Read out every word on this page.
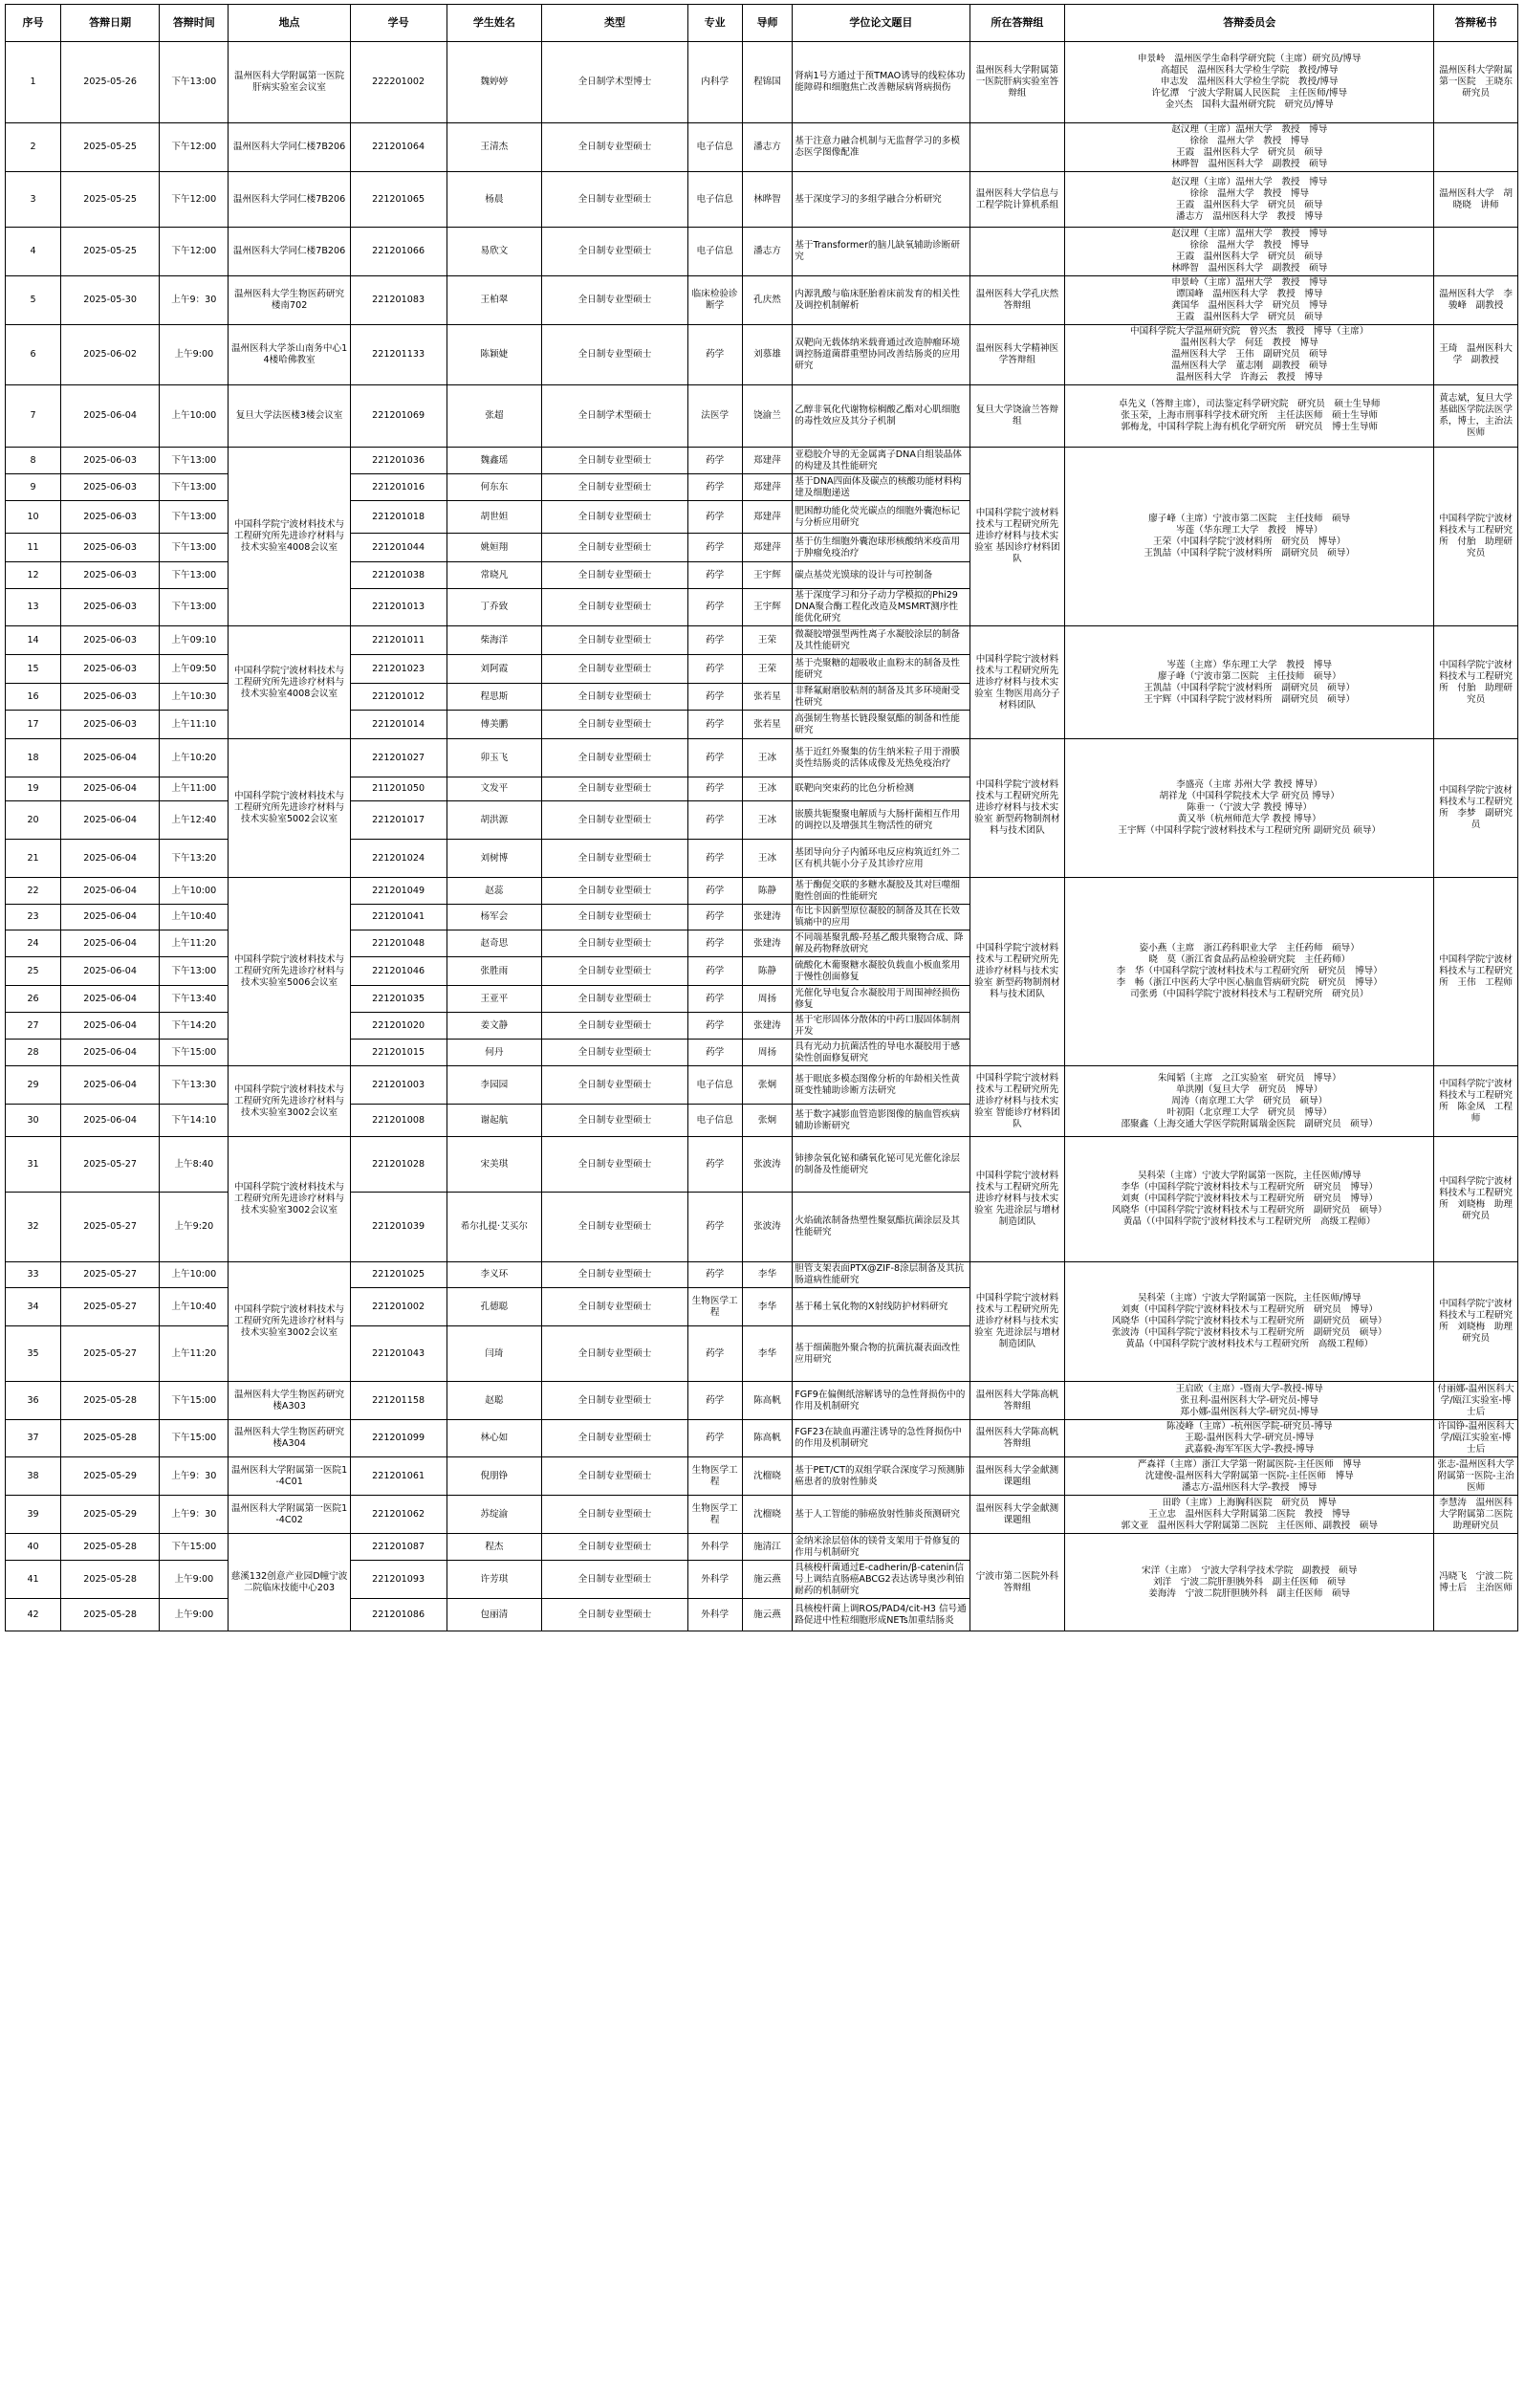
序号	答辩日期	答辩时间	地点	学号	学生姓名	类型	专业	导师	学位论文题目	所在答辩组	答辩委员会	答辩秘书
1	2025-05-26	下午13:00	温州医科大学附属第一医院　肝病实验室会议室	222201002	魏婷婷	全日制学术型博士	内科学	程锦国	肾病1号方通过于预TMAO诱导的线粒体功能障碍和细胞焦亡改善糖尿病肾病损伤	温州医科大学附属第一医院肝病实验室答辩组	申景岭　温州医学生命科学研究院（主席）研究员/博导
高超民　温州医科大学检生学院　教授/博导
申志发　温州医科大学检生学院　教授/博导
许忆潭　宁波大学附属人民医院　主任医师/博导
金兴杰　国科大温州研究院　研究员/博导	温州医科大学附属第一医院　王晓东　研究员
2	2025-05-25	下午12:00	温州医科大学同仁楼7B206	221201064	王清杰	全日制专业型硕士	电子信息	潘志方	基于注意力融合机制与无监督学习的多模态医学图像配准		赵汉理（主席）温州大学　教授　博导
徐徐　温州大学　教授　博导
王霞　温州医科大学　研究员　硕导
林晔智　温州医科大学　副教授　硕导	
3	2025-05-25	下午12:00	温州医科大学同仁楼7B206	221201065	杨晨	全日制专业型硕士	电子信息	林晔智	基于深度学习的多组学融合分析研究	温州医科大学信息与工程学院计算机系组	赵汉理（主席）温州大学　教授　博导
徐徐　温州大学　教授　博导
王霞　温州医科大学　研究员　硕导
潘志方　温州医科大学　教授　博导	温州医科大学　胡晓晓　讲师
4	2025-05-25	下午12:00	温州医科大学同仁楼7B206	221201066	易欣文	全日制专业型硕士	电子信息	潘志方	基于Transformer的脑儿缺氧辅助诊断研究		赵汉理（主席）温州大学　教授　博导
徐徐　温州大学　教授　博导
王霞　温州医科大学　研究员　硕导
林晔智　温州医科大学　副教授　硕导	
5	2025-05-30	上午9：30	温州医科大学生物医药研究楼南702	221201083	王柏翠	全日制专业型硕士	临床检验诊断学	孔庆然	内源乳酸与临床胚胎着床前发育的相关性及调控机制解析	温州医科大学孔庆然答辩组	申景岭（主席）温州大学　教授　博导
谭国峰　温州医科大学　教授　博导
龚国华　温州医科大学　研究员　博导
王霞　温州医科大学　研究员　硕导	温州医科大学　李骏峰　副教授
6	2025-06-02	上午9:00	温州医科大学茶山南务中心14楼哈佛教室	221201133	陈颖婕	全日制专业型硕士	药学	刘慕雄	双靶向无载体纳米载膏通过改造肿瘤环境调控肠道菌群重塑协同改善结肠炎的应用研究	温州医科大学精神医学答辩组	中国科学院大学温州研究院　曾兴杰　教授　博导（主席）
温州医科大学　何廷　教授　博导
温州医科大学　王伟　副研究员　硕导
温州医科大学　董志刚　副教授　硕导
温州医科大学　许海云　教授　博导	王琦　温州医科大学　副教授
7	2025-06-04	上午10:00	复旦大学法医楼3楼会议室	221201069	张超	全日制学术型硕士	法医学	饶渝兰	乙醇非氧化代谢物棕榈酸乙酯对心肌细胞的毒性效应及其分子机制	复旦大学饶渝兰答辩组	卓先义（答辩主席），司法鉴定科学研究院　研究员　硕士生导师
张玉荣，上海市刑事科学技术研究所　主任法医师　硕士生导师
郭梅龙，中国科学院上海有机化学研究所　研究员　博士生导师	黄志斌，复旦大学基础医学院法医学系，博士，主治法医师
8	2025-06-03	下午13:00	中国科学院宁波材料技术与工程研究所先进诊疗材料与技术实验室4008会议室	221201036	魏鑫瑶	全日制专业型硕士	药学	郑建萍	亚稳胶介导的无金属离子DNA自组装晶体的构建及其性能研究	中国科学院宁波材料技术与工程研究所先进诊疗材料与技术实验室 基因诊疗材料团队	廖子峰（主席）宁波市第二医院　主任技师　硕导
岑莲（华东理工大学　教授　博导）
王荣（中国科学院宁波材料所　研究员　博导）
王凯喆（中国科学院宁波材料所　副研究员　硕导）	中国科学院宁波材料技术与工程研究所　付胎　助理研究员
9	2025-06-03	下午13:00		221201016	何东东	全日制专业型硕士	药学	郑建萍	基于DNA四面体及碳点的核酸功能材料构建及细胞递送			
10	2025-06-03	下午13:00		221201018	胡世妲	全日制专业型硕士	药学	郑建萍	肥困醇功能化荧光碳点的细胞外囊泡标记与分析应用研究			
11	2025-06-03	下午13:00		221201044	姚姮翔	全日制专业型硕士	药学	郑建萍	基于仿生细胞外囊泡球形核酸纳米疫苗用于肿瘤免疫治疗			
12	2025-06-03	下午13:00		221201038	常晓凡	全日制专业型硕士	药学	王宇辉	碳点基荧光馍球的设计与可控制备			
13	2025-06-03	下午13:00		221201013	丁乔致	全日制专业型硕士	药学	王宇辉	基于深度学习和分子动力学模拟的Phi29 DNA聚合酶工程化改造及MSMRT测序性能优化研究			
14	2025-06-03	上午09:10	中国科学院宁波材料技术与工程研究所先进诊疗材料与技术实验室4008会议室	221201011	柴海洋	全日制专业型硕士	药学	王荣	微凝胶增强型两性离子水凝胶涂层的制备及其性能研究	中国科学院宁波材料技术与工程研究所先进诊疗材料与技术实验室 生物医用高分子材料团队	岑莲（主席）华东理工大学　教授　博导
廖子峰（宁波市第二医院　主任技师　硕导）
王凯喆（中国科学院宁波材料所　副研究员　硕导）
王宇辉（中国科学院宁波材料所　副研究员　硕导）	中国科学院宁波材料技术与工程研究所　付胎　助理研究员
15	2025-06-03	上午09:50		221201023	刘阿霞	全日制专业型硕士	药学	王荣	基于壳聚糖的超吸收止血粉末的制备及性能研究			
16	2025-06-03	上午10:30		221201012	程思斯	全日制专业型硕士	药学	张若星	非释氟耐磨胶粘剂的制备及其多环境耐受性研究			
17	2025-06-03	上午11:10		221201014	傅美鹏	全日制专业型硕士	药学	张若星	高强韧生物基长链段聚氨酯的制备和性能研究			
18	2025-06-04	上午10:20	中国科学院宁波材料技术与工程研究所先进诊疗材料与技术实验室5002会议室	221201027	卯玉飞	全日制专业型硕士	药学	王冰	基于近红外聚集的仿生纳米粒子用于滑膜炎性结肠炎的活体成像及光热免疫治疗	中国科学院宁波材料技术与工程研究所先进诊疗材料与技术实验室 新型药物制剂材料与技术团队	李盛亮（主席 苏州大学 教授 博导）
胡祥龙（中国科学院技术大学 研究员 博导）
陈垂一（宁波大学 教授 博导）
黄又举（杭州师范大学 教授 博导）
王宇辉（中国科学院宁波材料技术与工程研究所 副研究员 硕导）	中国科学院宁波材料技术与工程研究所　李梦　副研究员
19	2025-06-04	上午11:00		211201050	文发平	全日制专业型硕士	药学	王冰	联靶向突束药的比色分析检测			
20	2025-06-04	上午12:40		221201017	胡洪源	全日制专业型硕士	药学	王冰	嵌膜共轭聚聚电解质与大肠杆菌相互作用的调控以及增强其生物活性的研究			
21	2025-06-04	下午13:20		221201024	刘树博	全日制专业型硕士	药学	王冰	基团导向分子内循环电反应构筑近红外二区有机共轭小分子及其诊疗应用			
22	2025-06-04	上午10:00	中国科学院宁波材料技术与工程研究所先进诊疗材料与技术实验室5006会议室	221201049	赵蕊	全日制专业型硕士	药学	陈静	基于酶促交联的多糖水凝胶及其对巨噬细胞性创面的性能研究	中国科学院宁波材料技术与工程研究所先进诊疗材料与技术实验室 新型药物制剂材料与技术团队	姿小燕（主席　浙江药科职业大学　主任药师　硕导）
晓　莫（浙江省食品药品检验研究院　主任药师）
李　华（中国科学院宁波材料技术与工程研究所　研究员　博导）
李　畅（浙江中医药大学中医心脑血管病研究院　研究员　博导）
司张勇（中国科学院宁波材料技术与工程研究所　研究员）	中国科学院宁波材料技术与工程研究所　王伟　工程师
23	2025-06-04	上午10:40		221201041	杨军会	全日制专业型硕士	药学	张建涛	布比卡因新型原位凝胶的制备及其在长效镇痛中的应用			
24	2025-06-04	上午11:20		221201048	赵奇思	全日制专业型硕士	药学	张建涛	不同端基聚乳酸-羟基乙酸共聚物合成、降解及药物释放研究			
25	2025-06-04	下午13:00		221201046	张胜雨	全日制专业型硕士	药学	陈静	硫酸化木葡聚糖水凝胶负载血小板血浆用于慢性创面修复			
26	2025-06-04	下午13:40		221201035	王亚平	全日制专业型硕士	药学	周扬	光催化导电复合水凝胶用于周围神经损伤修复			
27	2025-06-04	下午14:20		221201020	姜文静	全日制专业型硕士	药学	张建涛	基于宅形固体分散体的中药口服固体制剂开发			
28	2025-06-04	下午15:00		221201015	何丹	全日制专业型硕士	药学	周扬	具有光动力抗菌活性的导电水凝胶用于感染性创面修复研究			
29	2025-06-04	下午13:30	中国科学院宁波材料技术与工程研究所先进诊疗材料与技术实验室3002会议室	221201003	李园园	全日制专业型硕士	电子信息	张炯	基于眼底多模态图像分析的年龄相关性黄斑变性辅助诊断方法研究	中国科学院宁波材料技术与工程研究所先进诊疗材料与技术实验室 智能诊疗材料团队	朱闻韬（主席　之江实验室　研究员　博导）
单洪刚（复旦大学　研究员　博导）
周涛（南京理工大学　研究员　硕导）
叶初阳（北京理工大学　研究员　博导）
邵聚鑫（上海交通大学医学院附属瑞金医院　副研究员　硕导）	中国科学院宁波材料技术与工程研究所　陈金凤　工程师
30	2025-06-04	下午14:10		221201008	谢起航	全日制专业型硕士	电子信息	张炯	基于数字减影血管造影图像的脑血管疾病辅助诊断研究			
31	2025-05-27	上午8:40	中国科学院宁波材料技术与工程研究所先进诊疗材料与技术实验室3002会议室	221201028	宋美琪	全日制专业型硕士	药学	张波涛	铈掺杂氧化铋和磷氧化铋可见光催化涂层的制备及性能研究	中国科学院宁波材料技术与工程研究所先进诊疗材料与技术实验室 先进涂层与增材制造团队	吴科荣（主席）宁波大学附属第一医院，主任医师/博导
李华（中国科学院宁波材料技术与工程研究所　研究员　博导）
刘爽（中国科学院宁波材料技术与工程研究所　研究员　博导）
风晓华（中国科学院宁波材料技术与工程研究所　副研究员　硕导）
黄晶（（中国科学院宁波材料技术与工程研究所　高级工程师）	中国科学院宁波材料技术与工程研究所　刘晓梅　助理研究员
32	2025-05-27	上午9:20		221201039	希尔扎提·艾买尔	全日制专业型硕士	药学	张波涛	火焰硫浓制备热塑性聚氨酯抗菌涂层及其性能研究			
33	2025-05-27	上午10:00	中国科学院宁波材料技术与工程研究所先进诊疗材料与技术实验室3002会议室	221201025	李义环	全日制专业型硕士	药学	李华	胆管支架表面PTX@ZIF-8涂层制备及其抗肠道病性能研究	中国科学院宁波材料技术与工程研究所先进诊疗材料与技术实验室 先进涂层与增材制造团队	吴科荣（主席）宁波大学附属第一医院，主任医师/博导
刘爽（中国科学院宁波材料技术与工程研究所　研究员　博导）
风晓华（中国科学院宁波材料技术与工程研究所　副研究员　硕导）
张波涛（中国科学院宁波材料技术与工程研究所　副研究员　硕导）
黄晶（中国科学院宁波材料技术与工程研究所　高级工程师）	中国科学院宁波材料技术与工程研究所　刘晓梅　助理研究员
34	2025-05-27	上午10:40		221201002	孔德聪	全日制专业型硕士	生物医学工程	李华	基于稀土氧化物的X射线防护材料研究			
35	2025-05-27	上午11:20		221201043	闫琦	全日制专业型硕士	药学	李华	基于细菌胞外聚合物的抗菌抗凝表面改性应用研究			
36	2025-05-28	下午15:00	温州医科大学生物医药研究楼A303	221201158	赵聪	全日制专业型硕士	药学	陈高帆	FGF9在偏侧纸溶解诱导的急性肾损伤中的作用及机制研究	温州医科大学陈高帆答辩组	王启欧（主席）-暨南大学-教授-博导
张丑利-温州医科大学-研究员-博导
郑小娜-温州医科大学-研究员-博导	付丽娜-温州医科大学/瓯江实验室-博士后
37	2025-05-28	下午15:00	温州医科大学生物医药研究楼A304	221201099	林心如	全日制专业型硕士	药学	陈高帆	FGF23在缺血再灌注诱导的急性肾损伤中的作用及机制研究	温州医科大学陈高帆答辩组	陈凌峰（主席）-杭州医学院-研究员-博导
王聪-温州医科大学-研究员-博导
武嘉毅-海军军医大学-教授-博导	许国铮-温州医科大学/瓯江实验室-博士后
38	2025-05-29	上午9：30	温州医科大学附属第一医院1-4C01	221201061	倪朋铮	全日制专业型硕士	生物医学工程	沈榴晓	基于PET/CT的双组学联合深度学习预测肺癌患者的放射性肺炎	温州医科大学金献测课题组	严森祥（主席）浙江大学第一附属医院-主任医师　博导
沈建俊-温州医科大学附属第一医院-主任医师　博导
潘志方-温州医科大学-教授　博导	张志-温州医科大学附属第一医院-主治医师
39	2025-05-29	上午9：30	温州医科大学附属第一医院1-4C02	221201062	苏绽渝	全日制专业型硕士	生物医学工程	沈榴晓	基于人工智能的肺癌放射性肺炎预测研究	温州医科大学金献测课题组	田聆（主席）上海胸科医院　研究员　博导
王立忠　温州医科大学附属第二医院　教授　博导
郭文亚　温州医科大学附属第二医院　主任医师、副教授　硕导	李慧涛　温州医科大学附属第二医院　助理研究员
40	2025-05-28	下午15:00	慈溪132创意产业园D幢宁波二院临床技能中心203	221201087	程杰	全日制专业型硕士	外科学	施清江	金纳米涂层倍体的镁骨支架用于骨修复的作用与机制研究	宁波市第二医院外科答辩组	宋洋（主席）　宁波大学科学技术学院　副教授　硕导
刘洋　宁波二院肝胆胰外科　副主任医师　硕导
姜海涛　宁波二院肝胆胰外科　副主任医师　硕导	冯晓飞　宁波二院博士后　主治医师
41	2025-05-28	上午9:00		221201093	许芳琪	全日制专业型硕士	外科学	施云燕	具核梭杆菌通过E-cadherin/β-catenin信号上调结直肠癌ABCG2表达诱导奥沙利铂耐药的机制研究			
42	2025-05-28	上午9:00		221201086	包丽清	全日制专业型硕士	外科学	施云燕	具核梭杆菌上调ROS/PAD4/cit-H3 信号通路促进中性粒细胞形成NETs加重结肠炎			
